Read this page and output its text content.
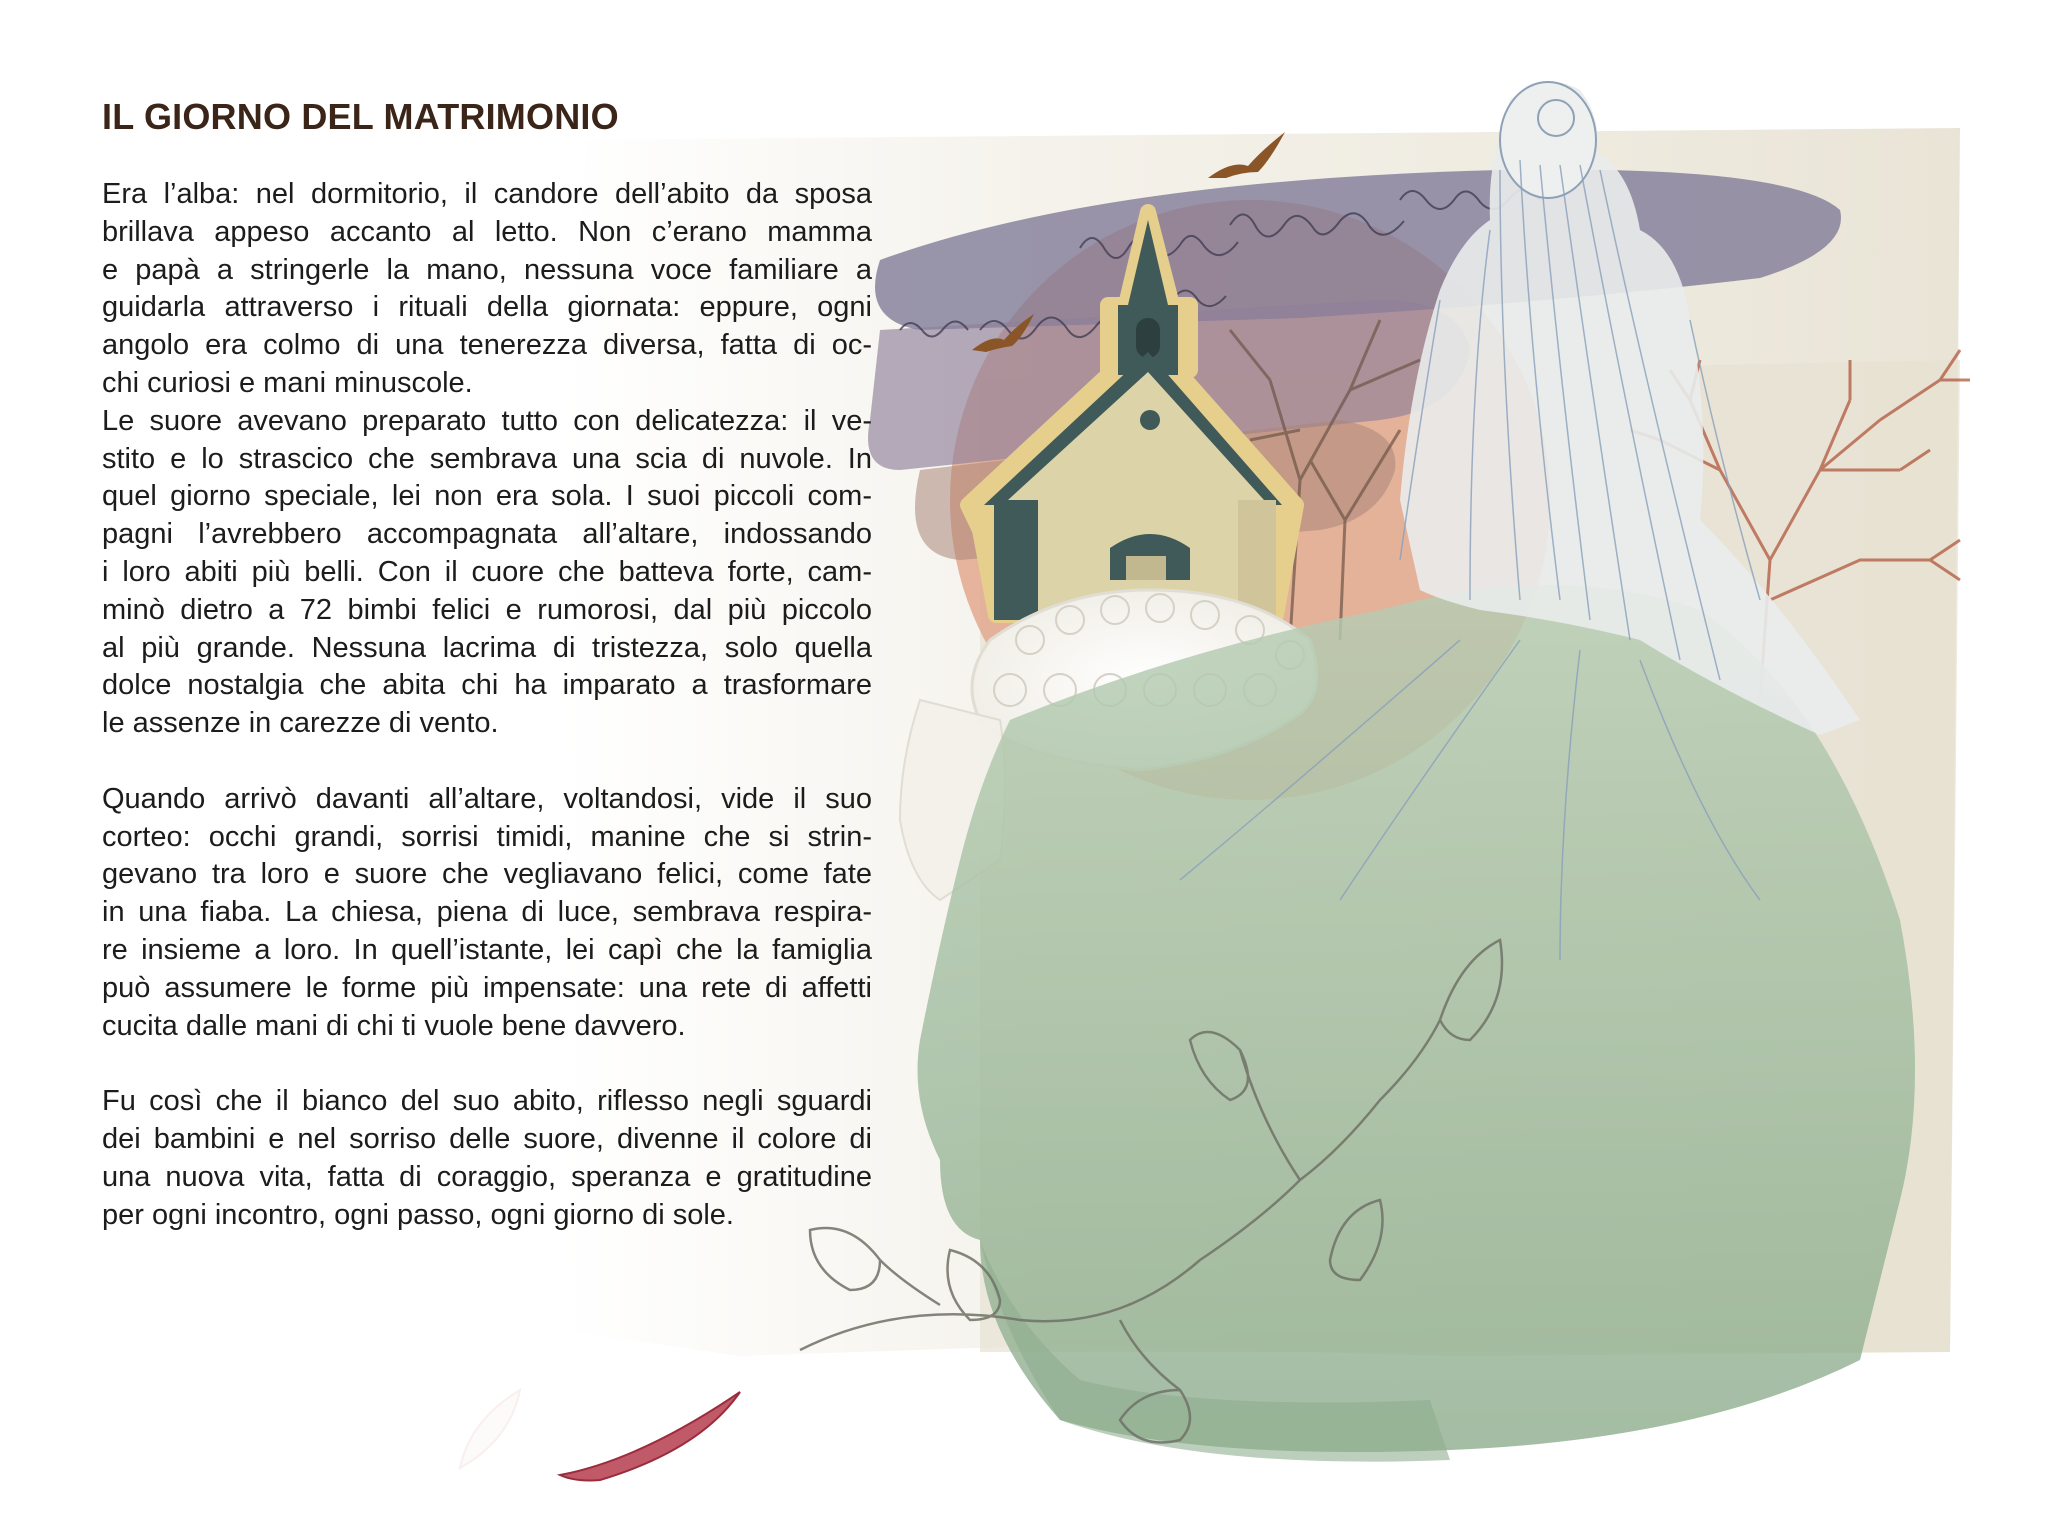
IL GIORNO DEL MATRIMONIO
Era l’alba: nel dormitorio, il candore dell’abito da sposa
brillava appeso accanto al letto. Non c’erano mamma
e papà a stringerle la mano, nessuna voce familiare a
guidarla attraverso i rituali della giornata: eppure, ogni
angolo era colmo di una tenerezza diversa, fatta di oc-
chi curiosi e mani minuscole.
Le suore avevano preparato tutto con delicatezza: il ve-
stito e lo strascico che sembrava una scia di nuvole. In
quel giorno speciale, lei non era sola. I suoi piccoli com-
pagni l’avrebbero accompagnata all’altare, indossando
i loro abiti più belli. Con il cuore che batteva forte, cam-
minò dietro a 72 bimbi felici e rumorosi, dal più piccolo
al più grande. Nessuna lacrima di tristezza, solo quella
dolce nostalgia che abita chi ha imparato a trasformare
le assenze in carezze di vento.
Quando arrivò davanti all’altare, voltandosi, vide il suo
corteo: occhi grandi, sorrisi timidi, manine che si strin-
gevano tra loro e suore che vegliavano felici, come fate
in una fiaba. La chiesa, piena di luce, sembrava respira-
re insieme a loro. In quell’istante, lei capì che la famiglia
può assumere le forme più impensate: una rete di affetti
cucita dalle mani di chi ti vuole bene davvero.
Fu così che il bianco del suo abito, riflesso negli sguardi
dei bambini e nel sorriso delle suore, divenne il colore di
una nuova vita, fatta di coraggio, speranza e gratitudine
per ogni incontro, ogni passo, ogni giorno di sole.
